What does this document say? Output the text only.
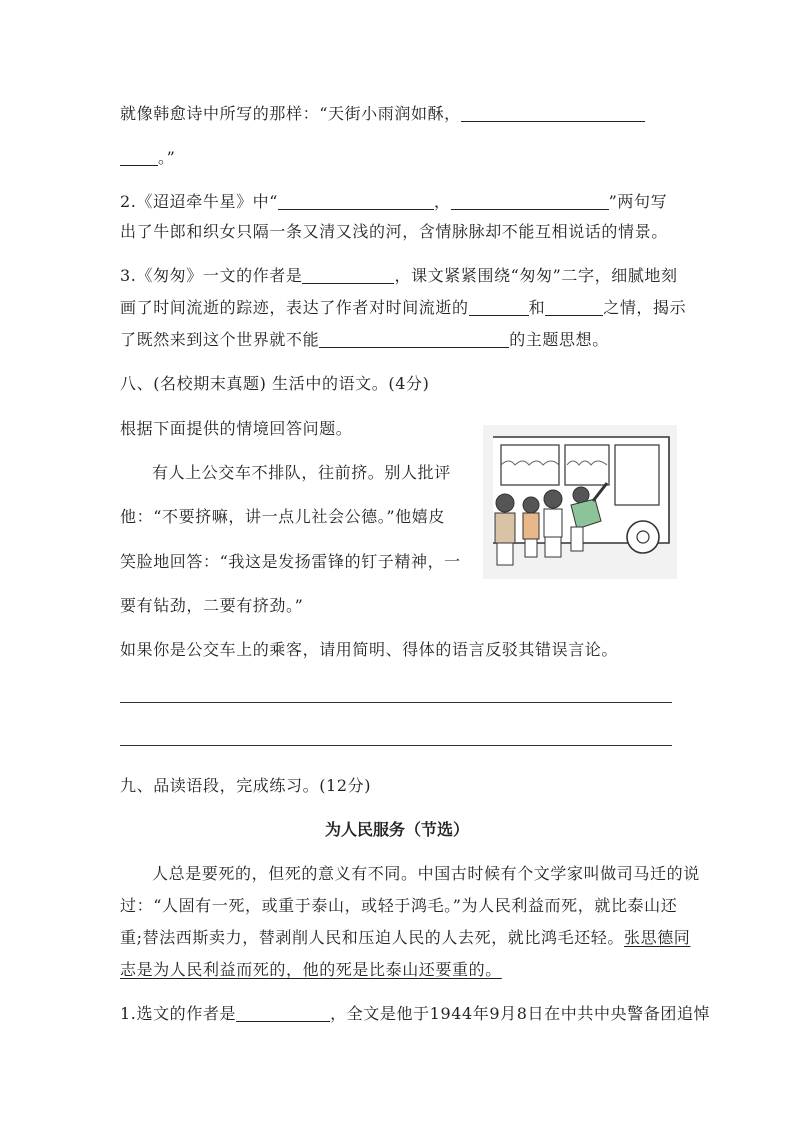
就像韩愈诗中所写的那样：“天街小雨润如酥，
。”
2.《迢迢牵牛星》中“	，	”两句写
出了牛郎和织女只隔一条又清又浅的河，含情脉脉却不能互相说话的情景。
3.《匆匆》一文的作者是	，课文紧紧围绕“匆匆”二字，细腻地刻
画了时间流逝的踪迹，表达了作者对时间流逝的	和	之情，揭示
了既然来到这个世界就不能	的主题思想。
八、(名校期末真题) 生活中的语文。(4分)
根据下面提供的情境回答问题。
有人上公交车不排队，往前挤。别人批评
他：“不要挤嘛，讲一点儿社会公德。”他嬉皮
笑脸地回答：“我这是发扬雷锋的钉子精神，一
要有钻劲，二要有挤劲。”
如果你是公交车上的乘客，请用简明、得体的语言反驳其错误言论。
九、品读语段，完成练习。(12分)
为人民服务（节选）
人总是要死的，但死的意义有不同。中国古时候有个文学家叫做司马迁的说
过：“人固有一死，或重于泰山，或轻于鸿毛。”为人民利益而死，就比泰山还
重;替法西斯卖力，替剥削人民和压迫人民的人去死，就比鸿毛还轻。张思德同
志是为人民利益而死的，他的死是比泰山还要重的。
1.选文的作者是	，全文是他于1944年9月8日在中共中央警备团追悼
